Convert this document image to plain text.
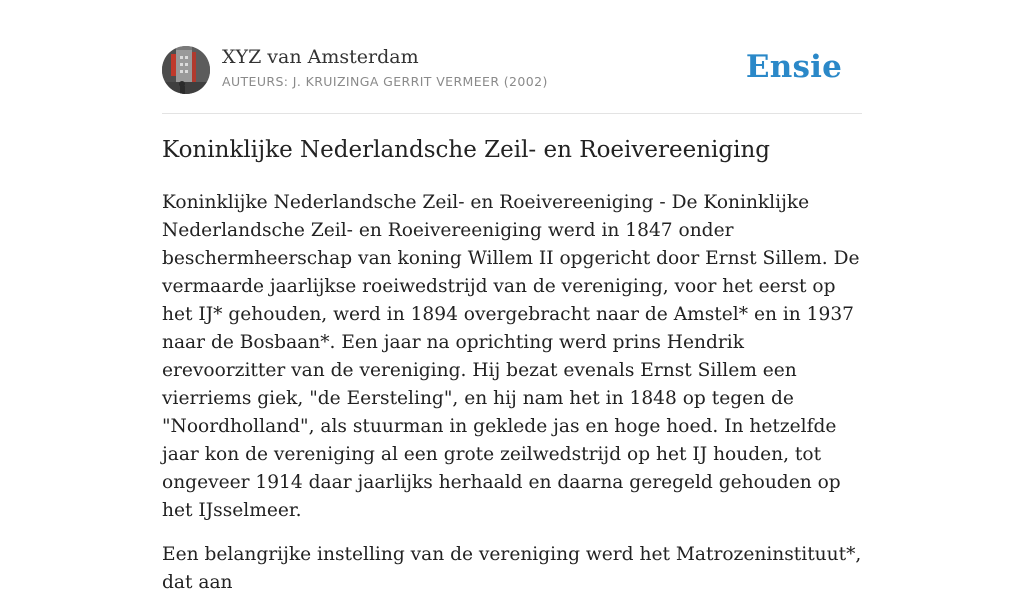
XYZ van Amsterdam
AUTEURS: J. KRUIZINGA GERRIT VERMEER (2002)	Ensie
Koninklijke Nederlandsche Zeil- en Roeivereeniging

Koninklijke Nederlandsche Zeil- en Roeivereeniging - De Koninklijke Nederlandsche Zeil- en Roeivereeniging werd in 1847 onder beschermheerschap van koning Willem II opgericht door Ernst Sillem. De vermaarde jaarlijkse roeiwedstrijd van de vereniging, voor het eerst op het IJ* gehouden, werd in 1894 overgebracht naar de Amstel* en in 1937 naar de Bosbaan*. Een jaar na oprichting werd prins Hendrik erevoorzitter van de vereniging. Hij bezat evenals Ernst Sillem een vierriems giek, "de Eersteling", en hij nam het in 1848 op tegen de "Noordholland", als stuurman in geklede jas en hoge hoed. In hetzelfde jaar kon de vereniging al een grote zeilwedstrijd op het IJ houden, tot ongeveer 1914 daar jaarlijks herhaald en daarna geregeld gehouden op het IJsselmeer.

Een belangrijke instelling van de vereniging werd het Matrozeninstituut*, dat aan
